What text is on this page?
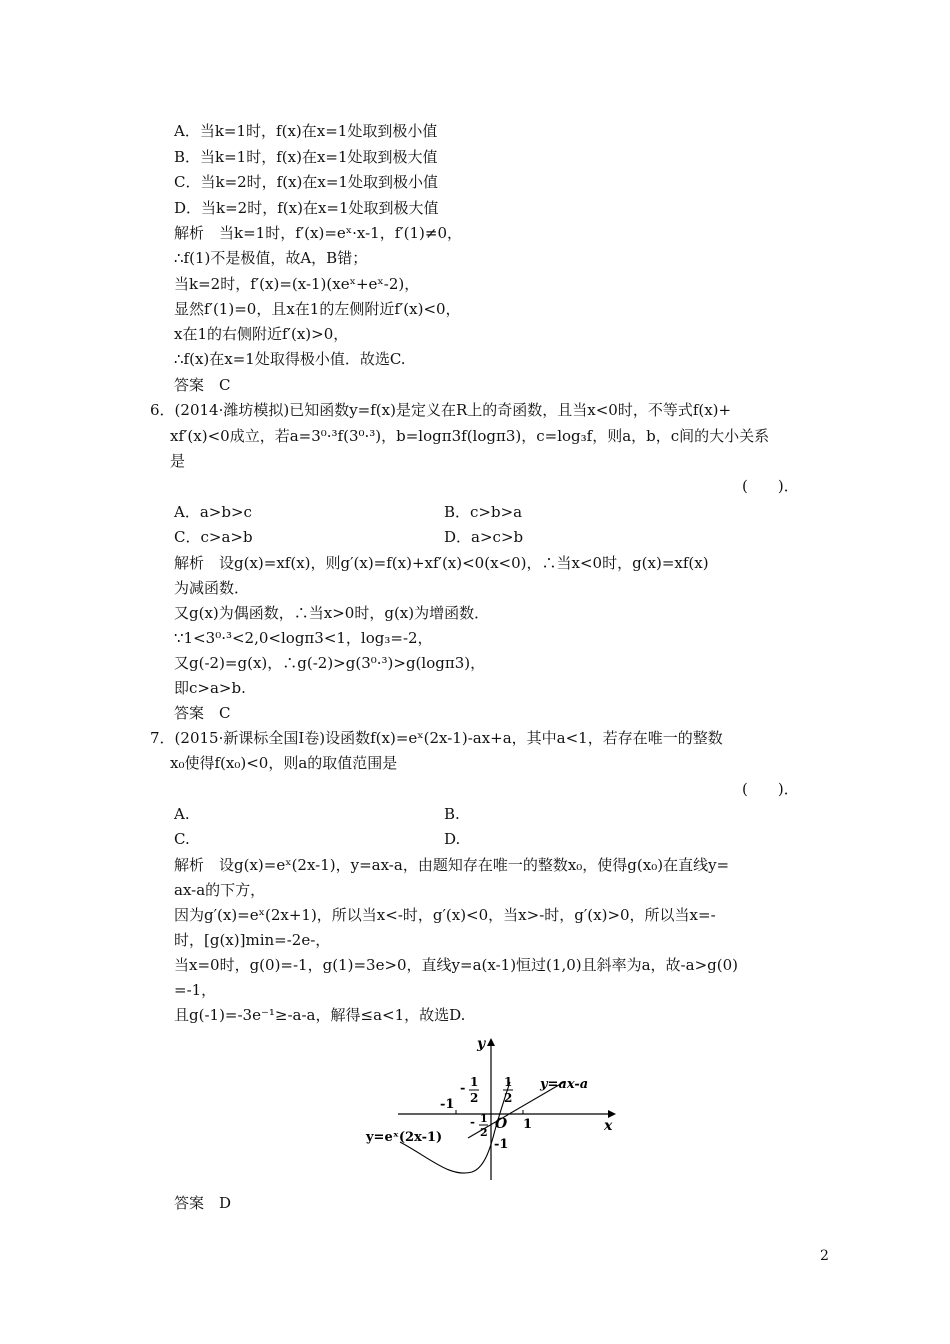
A．当k=1时，f(x)在x=1处取到极小值
B．当k=1时，f(x)在x=1处取到极大值
C．当k=2时，f(x)在x=1处取到极小值
D．当k=2时，f(x)在x=1处取到极大值
解析　当k=1时，f′(x)=eˣ·x-1，f′(1)≠0，
∴f(1)不是极值，故A，B错；
当k=2时，f′(x)=(x-1)(xeˣ+eˣ-2)，
显然f′(1)=0，且x在1的左侧附近f′(x)<0，
x在1的右侧附近f′(x)>0，
∴f(x)在x=1处取得极小值．故选C.
答案　C
6．(2014·潍坊模拟)已知函数y=f(x)是定义在R上的奇函数，且当x<0时，不等式f(x)+
xf′(x)<0成立，若a=3⁰·³f(3⁰·³)，b=logπ3f(logπ3)，c=log₃f，则a，b，c间的大小关系
是
(　　)．
A．a>b>c	B．c>b>a
C．c>a>b	D．a>c>b
解析　设g(x)=xf(x)，则g′(x)=f(x)+xf′(x)<0(x<0)，∴当x<0时，g(x)=xf(x)
为减函数．
又g(x)为偶函数，∴当x>0时，g(x)为增函数．
∵1<3⁰·³<2,0<logπ3<1，log₃=-2，
又g(-2)=g(x)，∴g(-2)>g(3⁰·³)>g(logπ3)，
即c>a>b.
答案　C
7．(2015·新课标全国Ⅰ卷)设函数f(x)=eˣ(2x-1)-ax+a，其中a<1，若存在唯一的整数
x₀使得f(x₀)<0，则a的取值范围是
(　　)．
A.	B.
C.	D.
解析　设g(x)=eˣ(2x-1)，y=ax-a，由题知存在唯一的整数x₀，使得g(x₀)在直线y=
ax-a的下方，
因为g′(x)=eˣ(2x+1)，所以当x<-时，g′(x)<0，当x>-时，g′(x)>0，所以当x=-
时，[g(x)]min=-2e-，
当x=0时，g(0)=-1，g(1)=3e>0，直线y=a(x-1)恒过(1,0)且斜率为a，故-a>g(0)
=-1，
且g(-1)=-3e⁻¹≥-a-a，解得≤a<1，故选D.
y
x
y=ax-a
y=eˣ(2x-1)
-1
1
-1
O
- 1
2
1
2
- 1
2
答案　D
2
